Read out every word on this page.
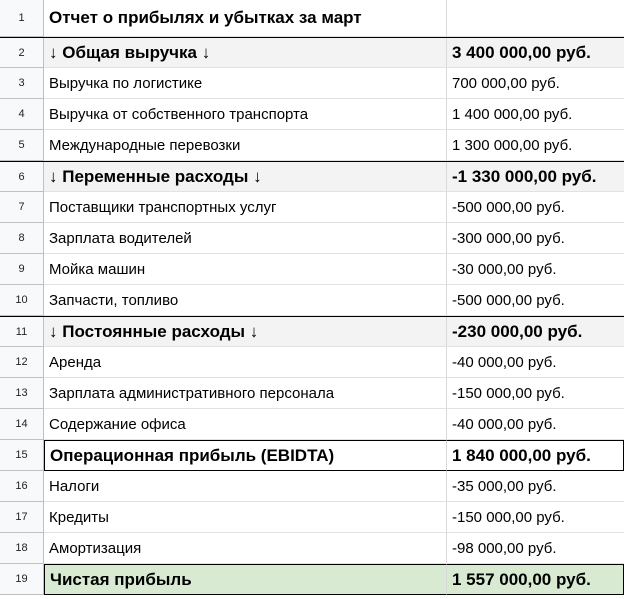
1	Отчет о прибылях и убытках за март
2	↓ Общая выручка ↓	3 400 000,00 руб.
3	Выручка по логистике	700 000,00 руб.
4	Выручка от собственного транспорта	1 400 000,00 руб.
5	Международные перевозки	1 300 000,00 руб.
6	↓ Переменные расходы ↓	-1 330 000,00 руб.
7	Поставщики транспортных услуг	-500 000,00 руб.
8	Зарплата водителей	-300 000,00 руб.
9	Мойка машин	-30 000,00 руб.
10	Запчасти, топливо	-500 000,00 руб.
11	↓ Постоянные расходы ↓	-230 000,00 руб.
12	Аренда	-40 000,00 руб.
13	Зарплата административного персонала	-150 000,00 руб.
14	Содержание офиса	-40 000,00 руб.
15	Операционная прибыль (EBIDTA)	1 840 000,00 руб.
16	Налоги	-35 000,00 руб.
17	Кредиты	-150 000,00 руб.
18	Амортизация	-98 000,00 руб.
19	Чистая прибыль	1 557 000,00 руб.
